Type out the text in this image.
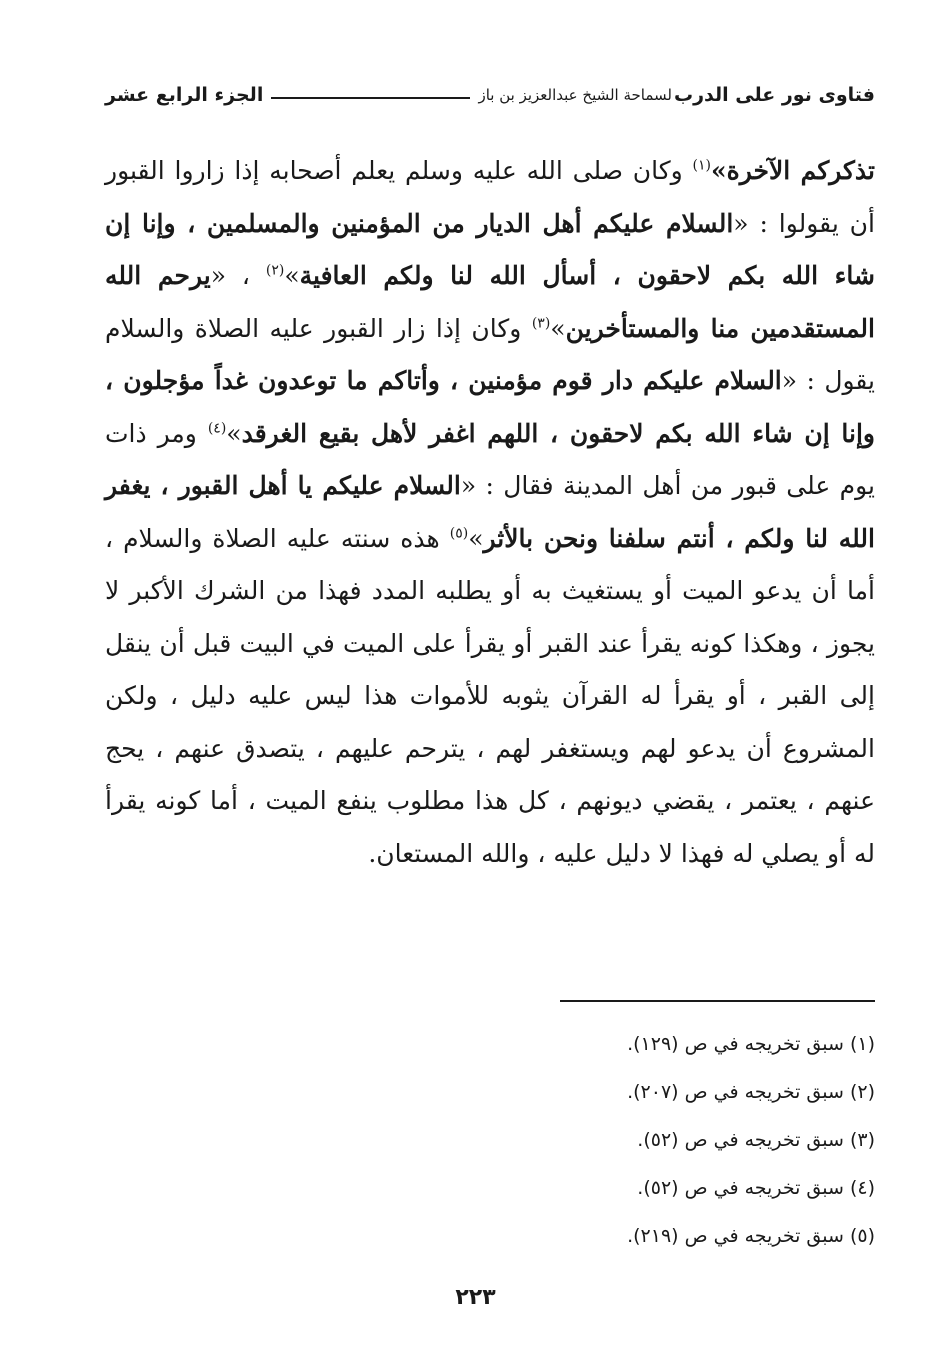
فتاوى نور على الدرب
لسماحة الشيخ عبدالعزيز بن باز
الجزء الرابع عشر
تذكركم الآخرة»$^{(١)}$ وكان صلى الله عليه وسلم يعلم أصحابه إذا زاروا القبور أن يقولوا : «السلام عليكم أهل الديار من المؤمنين والمسلمين ، وإنا إن شاء الله بكم لاحقون ، أسأل الله لنا ولكم العافية»$^{(٢)}$ ، «يرحم الله المستقدمين منا والمستأخرين»$^{(٣)}$ وكان إذا زار القبور عليه الصلاة والسلام يقول : «السلام عليكم دار قوم مؤمنين ، وأتاكم ما توعدون غداً مؤجلون ، وإنا إن شاء الله بكم لاحقون ، اللهم اغفر لأهل بقيع الغرقد»$^{(٤)}$ ومر ذات يوم على قبور من أهل المدينة فقال : «السلام عليكم يا أهل القبور ، يغفر الله لنا ولكم ، أنتم سلفنا ونحن بالأثر»$^{(٥)}$ هذه سنته عليه الصلاة والسلام ، أما أن يدعو الميت أو يستغيث به أو يطلبه المدد فهذا من الشرك الأكبر لا يجوز ، وهكذا كونه يقرأ عند القبر أو يقرأ على الميت في البيت قبل أن ينقل إلى القبر ، أو يقرأ له القرآن يثوبه للأموات هذا ليس عليه دليل ، ولكن المشروع أن يدعو لهم ويستغفر لهم ، يترحم عليهم ، يتصدق عنهم ، يحج عنهم ، يعتمر ، يقضي ديونهم ، كل هذا مطلوب ينفع الميت ، أما كونه يقرأ له أو يصلي له فهذا لا دليل عليه ، والله المستعان.
(١) سبق تخريجه في ص (١٢٩).
(٢) سبق تخريجه في ص (٢٠٧).
(٣) سبق تخريجه في ص (٥٢).
(٤) سبق تخريجه في ص (٥٢).
(٥) سبق تخريجه في ص (٢١٩).
٢٢٣
